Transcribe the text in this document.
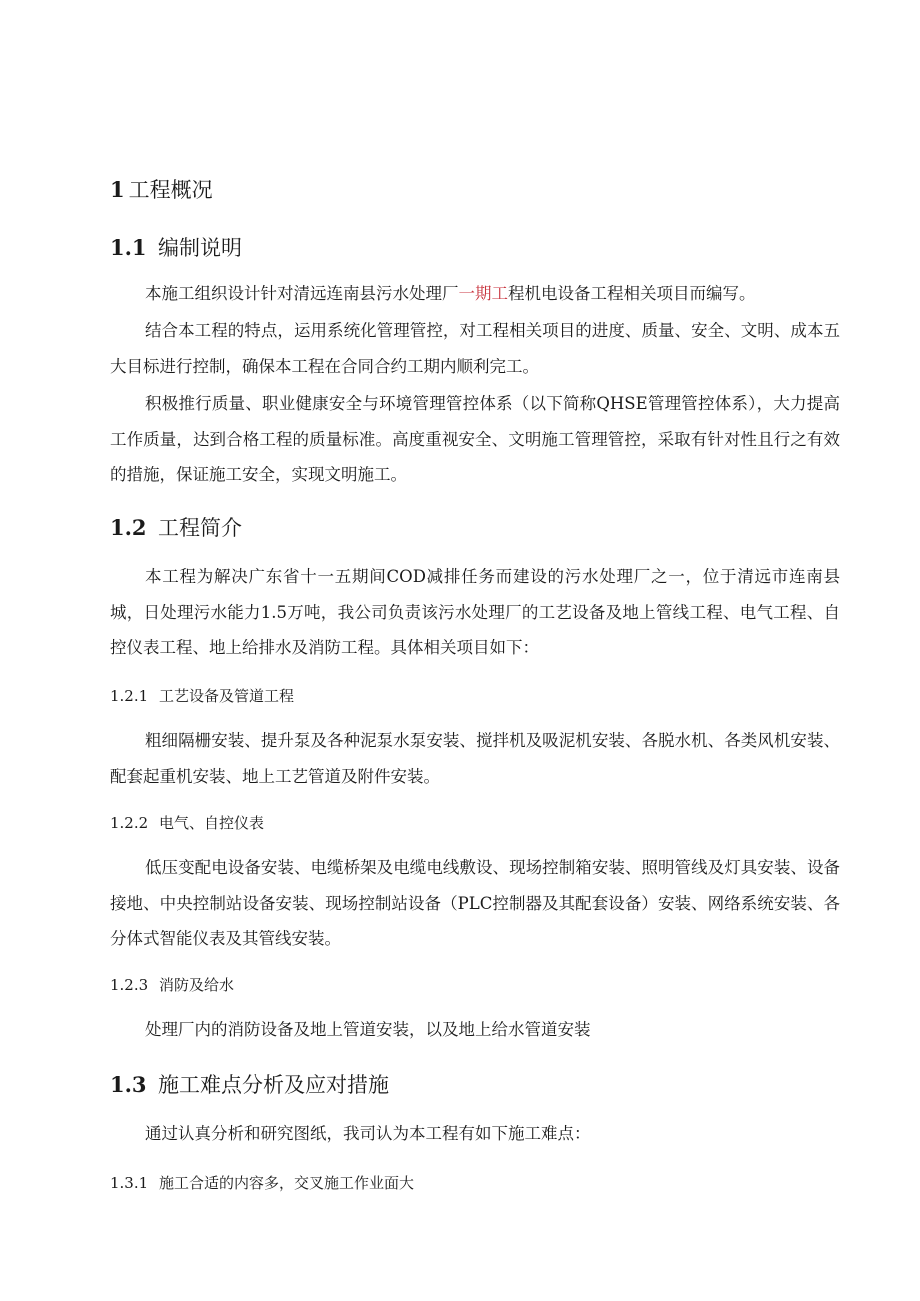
1 工程概况
1.1 编制说明

本施工组织设计针对清远连南县污水处理厂一期工程机电设备工程相关项目而编写。

结合本工程的特点，运用系统化管理管控，对工程相关项目的进度、质量、安全、文明、成本五大目标进行控制，确保本工程在合同合约工期内顺利完工。

积极推行质量、职业健康安全与环境管理管控体系（以下简称QHSE管理管控体系），大力提高工作质量，达到合格工程的质量标准。高度重视安全、文明施工管理管控，采取有针对性且行之有效的措施，保证施工安全，实现文明施工。

1.2 工程简介

本工程为解决广东省十一五期间COD减排任务而建设的污水处理厂之一，位于清远市连南县城，日处理污水能力1.5万吨，我公司负责该污水处理厂的工艺设备及地上管线工程、电气工程、自控仪表工程、地上给排水及消防工程。具体相关项目如下：

1.2.1 工艺设备及管道工程

粗细隔栅安装、提升泵及各种泥泵水泵安装、搅拌机及吸泥机安装、各脱水机、各类风机安装、配套起重机安装、地上工艺管道及附件安装。

1.2.2 电气、自控仪表

低压变配电设备安装、电缆桥架及电缆电线敷设、现场控制箱安装、照明管线及灯具安装、设备接地、中央控制站设备安装、现场控制站设备（PLC控制器及其配套设备）安装、网络系统安装、各分体式智能仪表及其管线安装。

1.2.3 消防及给水

处理厂内的消防设备及地上管道安装，以及地上给水管道安装

1.3 施工难点分析及应对措施

通过认真分析和研究图纸，我司认为本工程有如下施工难点：

1.3.1 施工合适的内容多，交叉施工作业面大
